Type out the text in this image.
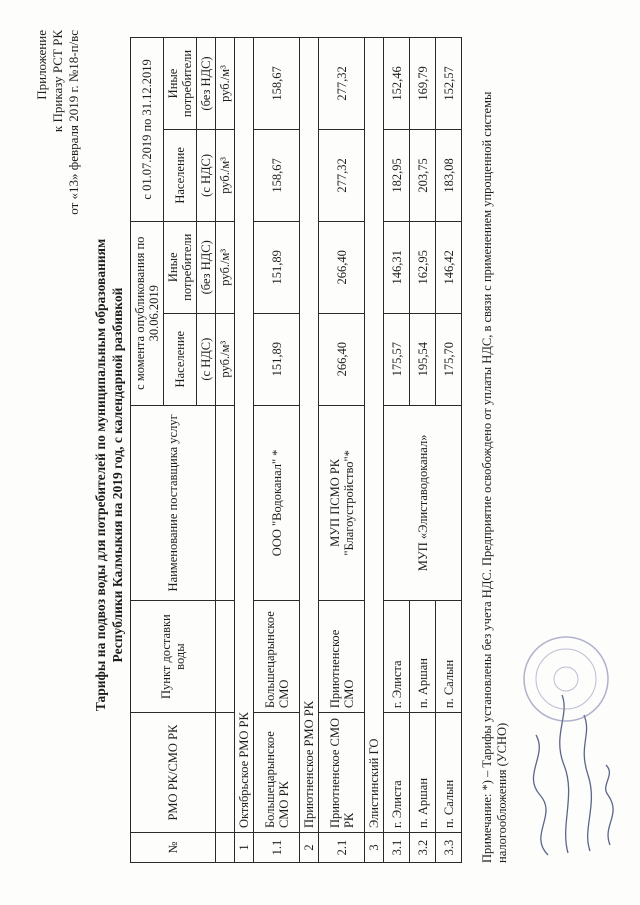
Приложение к Приказу РСТ РК от «13» февраля 2019 г. №18-п/вс
Тарифы на подвоз воды для потребителей по муниципальным образованиям Республики Калмыкия на 2019 год, с календарной разбивкой
№	РМО РК/СМО РК	Пункт доставки воды	Наименование поставщика услуг	с момента опубликования по 30.06.2019		с 01.07.2019 по 31.12.2019	
				Население	Иные потребители	Население	Иные потребители
				(с НДС)	(без НДС)	(с НДС)	(без НДС)
				руб./м³	руб./м³	руб./м³	руб./м³
1	Октябрьское РМО РК						
1.1	Большецарынское СМО РК	Большецарынское СМО	ООО "Водоканал" *	151,89	151,89	158,67	158,67
2	Приютненское РМО РК						
2.1	Приютненское СМО РК	Приютненское СМО	МУП ПСМО РК "Благоустройство"*	266,40	266,40	277,32	277,32
3	Элистинский ГО						
3.1	г. Элиста	г. Элиста	МУП «Элиставодоканал»	175,57	146,31	182,95	152,46
3.2	п. Аршан	п. Аршан		195,54	162,95	203,75	169,79
3.3	п. Салын	п. Салын		175,70	146,42	183,08	152,57
Примечание: *) – Тарифы установлены без учета НДС. Предприятие освобождено от уплаты НДС, в связи с применением упрощенной системы налогообложения (УСНО)
